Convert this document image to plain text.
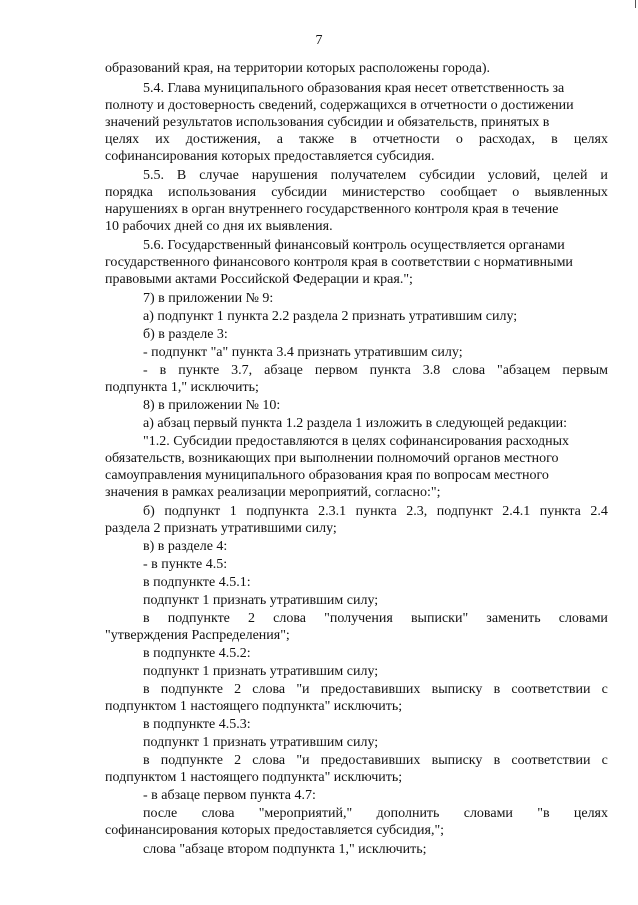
7
образований края, на территории которых расположены города).
5.4. Глава муниципального образования края несет ответственность за
полноту и достоверность сведений, содержащихся в отчетности о достижении
значений результатов использования субсидии и обязательств, принятых в
целях их достижения, а также в отчетности о расходах, в целях
софинансирования которых предоставляется субсидия.
5.5. В случае нарушения получателем субсидии условий, целей и
порядка использования субсидии министерство сообщает о выявленных
нарушениях в орган внутреннего государственного контроля края в течение
10 рабочих дней со дня их выявления.
5.6. Государственный финансовый контроль осуществляется органами
государственного финансового контроля края в соответствии с нормативными
правовыми актами Российской Федерации и края.";
7) в приложении № 9:
а) подпункт 1 пункта 2.2 раздела 2 признать утратившим силу;
б) в разделе 3:
- подпункт "а" пункта 3.4 признать утратившим силу;
- в пункте 3.7, абзаце первом пункта 3.8 слова "абзацем первым
подпункта 1," исключить;
8) в приложении № 10:
а) абзац первый пункта 1.2 раздела 1 изложить в следующей редакции:
"1.2. Субсидии предоставляются в целях софинансирования расходных
обязательств, возникающих при выполнении полномочий органов местного
самоуправления муниципального образования края по вопросам местного
значения в рамках реализации мероприятий, согласно:";
б) подпункт 1 подпункта 2.3.1 пункта 2.3, подпункт 2.4.1 пункта 2.4
раздела 2 признать утратившими силу;
в) в разделе 4:
- в пункте 4.5:
в подпункте 4.5.1:
подпункт 1 признать утратившим силу;
в подпункте 2 слова "получения выписки" заменить словами
"утверждения Распределения";
в подпункте 4.5.2:
подпункт 1 признать утратившим силу;
в подпункте 2 слова "и предоставивших выписку в соответствии с
подпунктом 1 настоящего подпункта" исключить;
в подпункте 4.5.3:
подпункт 1 признать утратившим силу;
в подпункте 2 слова "и предоставивших выписку в соответствии с
подпунктом 1 настоящего подпункта" исключить;
- в абзаце первом пункта 4.7:
после слова "мероприятий," дополнить словами "в целях
софинансирования которых предоставляется субсидия,";
слова "абзаце втором подпункта 1," исключить;
